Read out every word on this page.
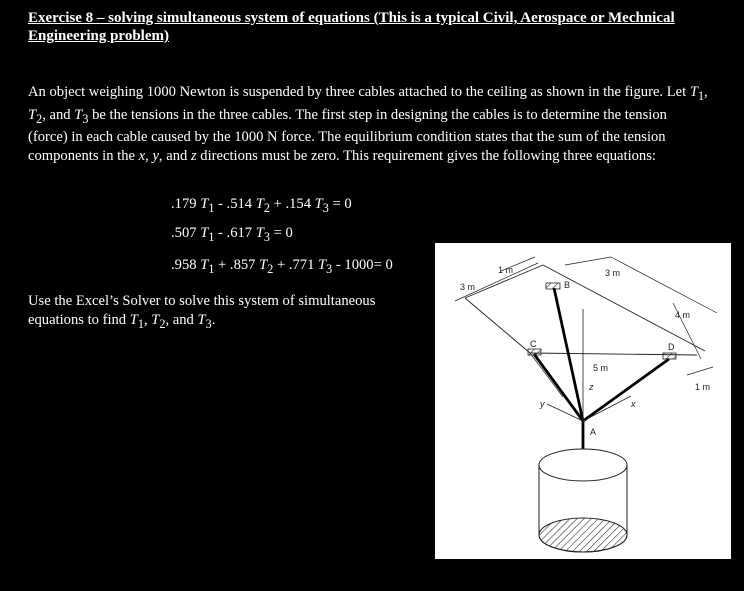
Exercise 8 – solving simultaneous system of equations (This is a typical Civil, Aerospace or Mechnical Engineering problem)
An object weighing 1000 Newton is suspended by three cables attached to the ceiling as shown in the figure. Let $T_1$, $T_2$, and $T_3$ be the tensions in the three cables. The first step in designing the cables is to determine the tension (force) in each cable caused by the 1000 N force. The equilibrium condition states that the sum of the tension components in the x, y, and z directions must be zero. This requirement gives the following three equations:
.179 $T_1 - .514$ $T_2 + .154$ $T_3 = 0$
.507 $T_1 - .617$ $T_3 = 0$
.958 $T_1 + .857$ $T_2 + .771$ $T_3 - 1000= 0$
Use the Excel’s Solver to solve this system of simultaneous equations to find $T_1$, $T_2$, and $T_3$.
1 m
3 m
3 m
4 m
1 m
5 m
B
C	D
A
y
z
x
